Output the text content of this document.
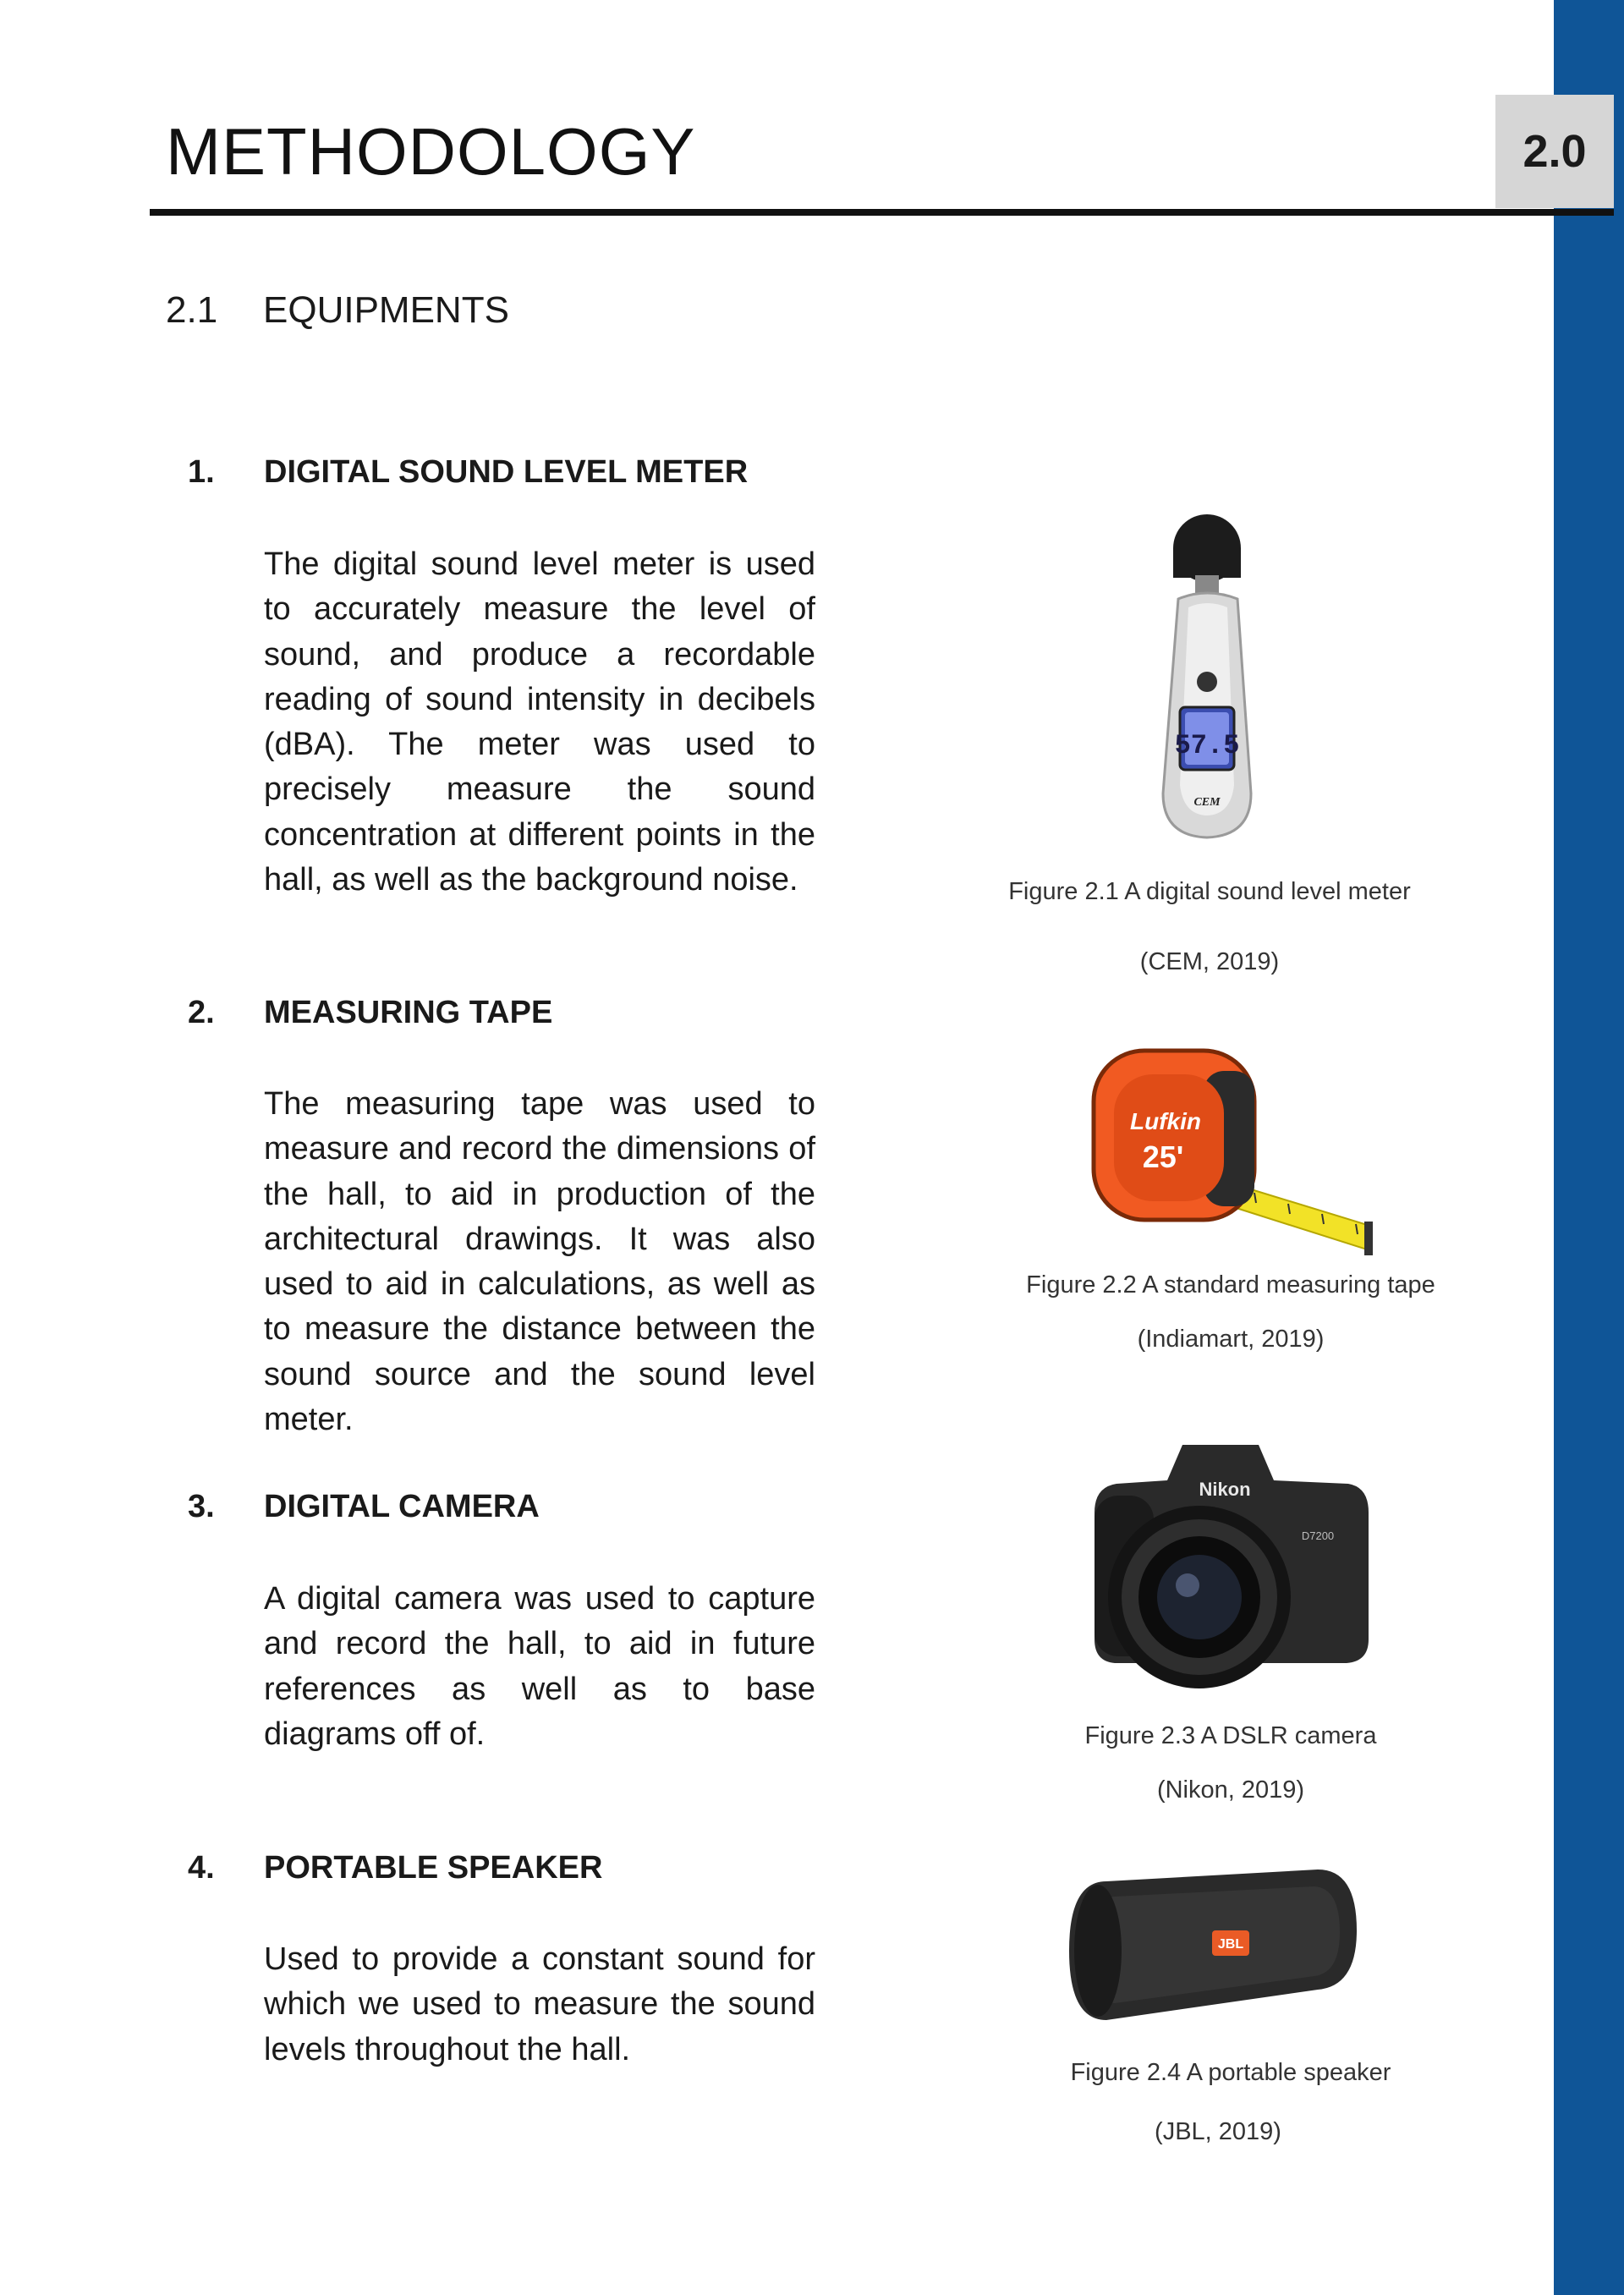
2.0
METHODOLOGY
2.1 EQUIPMENTS
1. DIGITAL SOUND LEVEL METER

The digital sound level meter is used to accurately measure the level of sound, and produce a recordable reading of sound intensity in decibels (dBA). The meter was used to precisely measure the sound concentration at different points in the hall, as well as the background noise.

2. MEASURING TAPE

The measuring tape was used to measure and record the dimensions of the hall, to aid in production of the architectural drawings. It was also used to aid in calculations, as well as to measure the distance between the sound source and the sound level meter.

3. DIGITAL CAMERA

A digital camera was used to capture and record the hall, to aid in future references as well as to base diagrams off of.

4. PORTABLE SPEAKER

Used to provide a constant sound for which we used to measure the sound levels throughout the hall.

57.5
CEM
Figure 2.1 A digital sound level meter
(CEM, 2019)
Lufkin
25'
Figure 2.2 A standard measuring tape
(Indiamart, 2019)
Nikon
D7200
Figure 2.3 A DSLR camera
(Nikon, 2019)
JBL
Figure 2.4 A portable speaker
(JBL, 2019)
